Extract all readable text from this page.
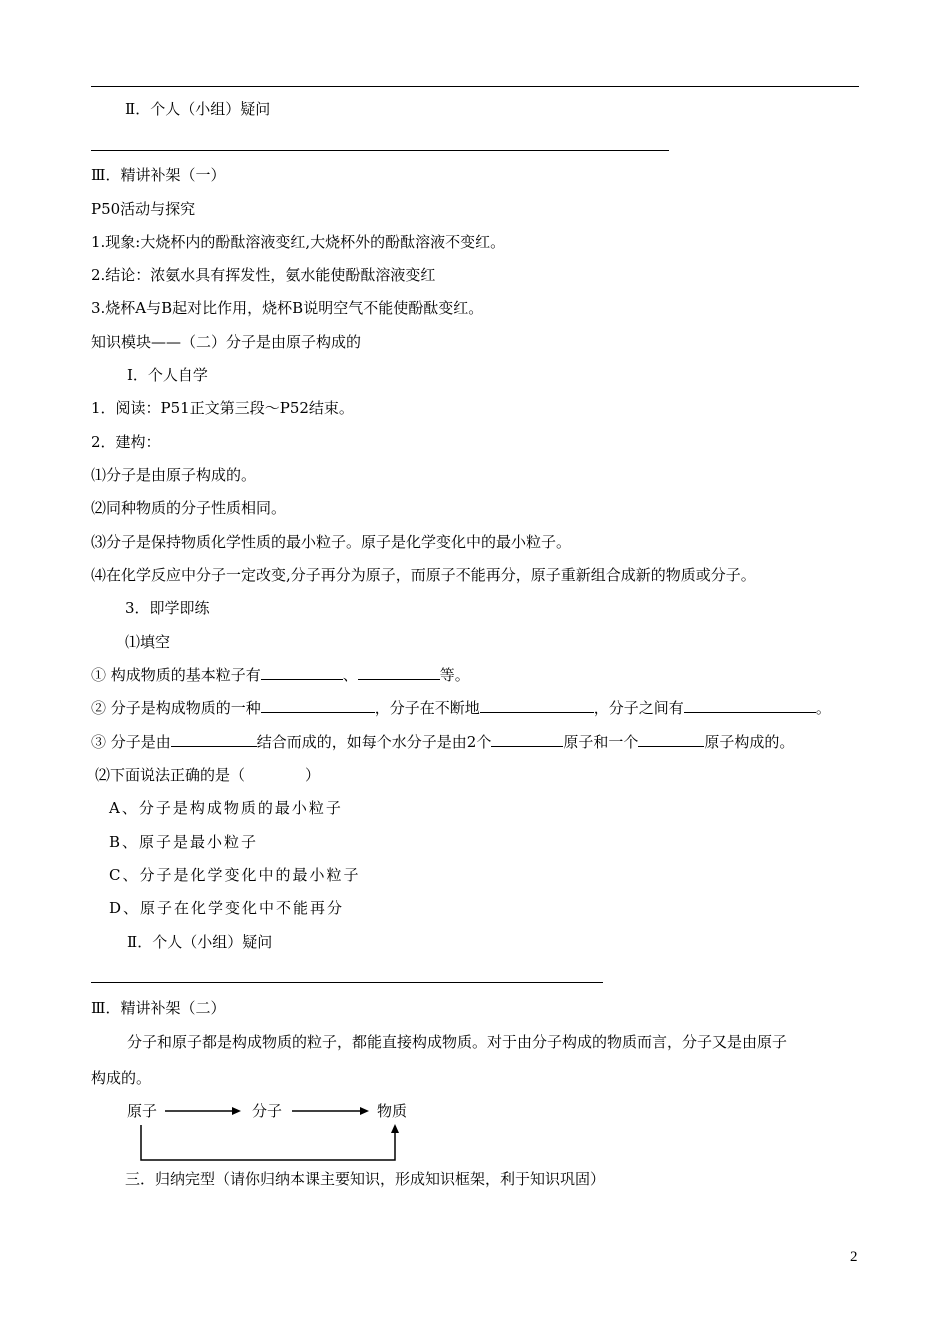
Ⅱ．个人（小组）疑问
Ⅲ．精讲补架（一）
P50活动与探究
1.现象:大烧杯内的酚酞溶液变红,大烧杯外的酚酞溶液不变红。
2.结论：浓氨水具有挥发性，氨水能使酚酞溶液变红
3.烧杯A与B起对比作用，烧杯B说明空气不能使酚酞变红。
知识模块——（二）分子是由原子构成的
Ⅰ．个人自学
1．阅读：P51正文第三段～P52结束。
2．建构：
⑴分子是由原子构成的。
⑵同种物质的分子性质相同。
⑶分子是保持物质化学性质的最小粒子。原子是化学变化中的最小粒子。
⑷在化学反应中分子一定改变,分子再分为原子，而原子不能再分，原子重新组合成新的物质或分子。
3．即学即练
⑴填空
① 构成物质的基本粒子有	、	等。
② 分子是构成物质的一种	，分子在不断地	，分子之间有	。
③ 分子是由	结合而成的，如每个水分子是由2个	原子和一个	原子构成的。
⑵下面说法正确的是（　　　　）
A、分子是构成物质的最小粒子
B、原子是最小粒子
C、分子是化学变化中的最小粒子
D、原子在化学变化中不能再分
Ⅱ．个人（小组）疑问
Ⅲ．精讲补架（二）
分子和原子都是构成物质的粒子，都能直接构成物质。对于由分子构成的物质而言，分子又是由原子
构成的。
原子	分子	物质
三．归纳完型（请你归纳本课主要知识，形成知识框架，利于知识巩固）
2
